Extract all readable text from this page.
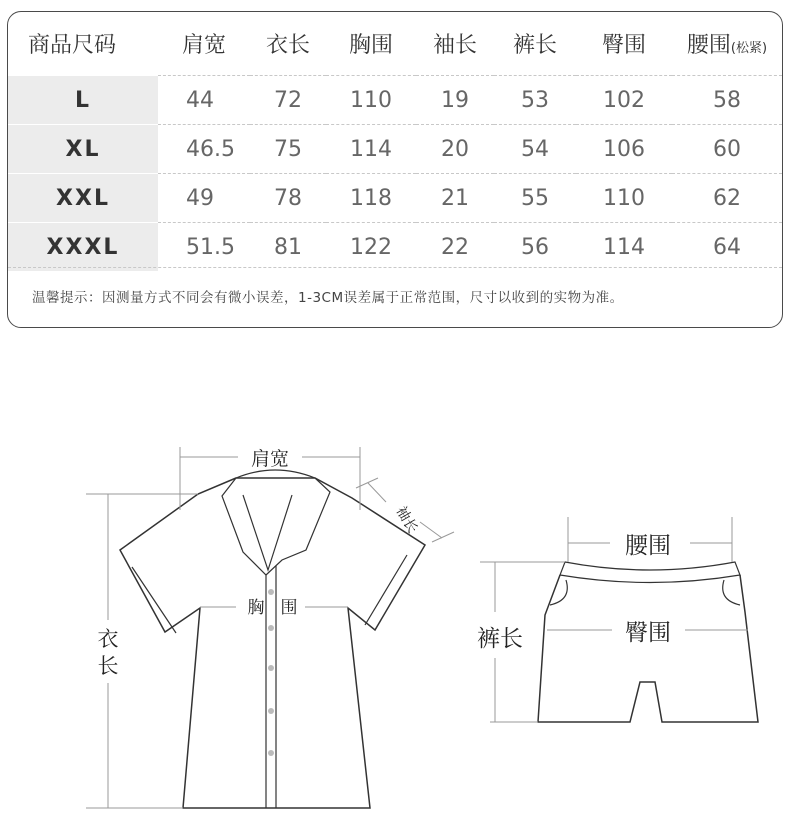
商品尺码	肩宽	衣长	胸围	袖长	裤长	臀围	腰围(松紧)
L	44	72	110	19	53	102	58
XL	46.5	75	114	20	54	106	60
XXL	49	78	118	21	55	110	62
XXXL	51.5	81	122	22	56	114	64
温馨提示：因测量方式不同会有微小误差，1-3CM误差属于正常范围，尺寸以收到的实物为准。
肩宽
袖长
胸 围
衣
长
腰围
臀围
裤长
